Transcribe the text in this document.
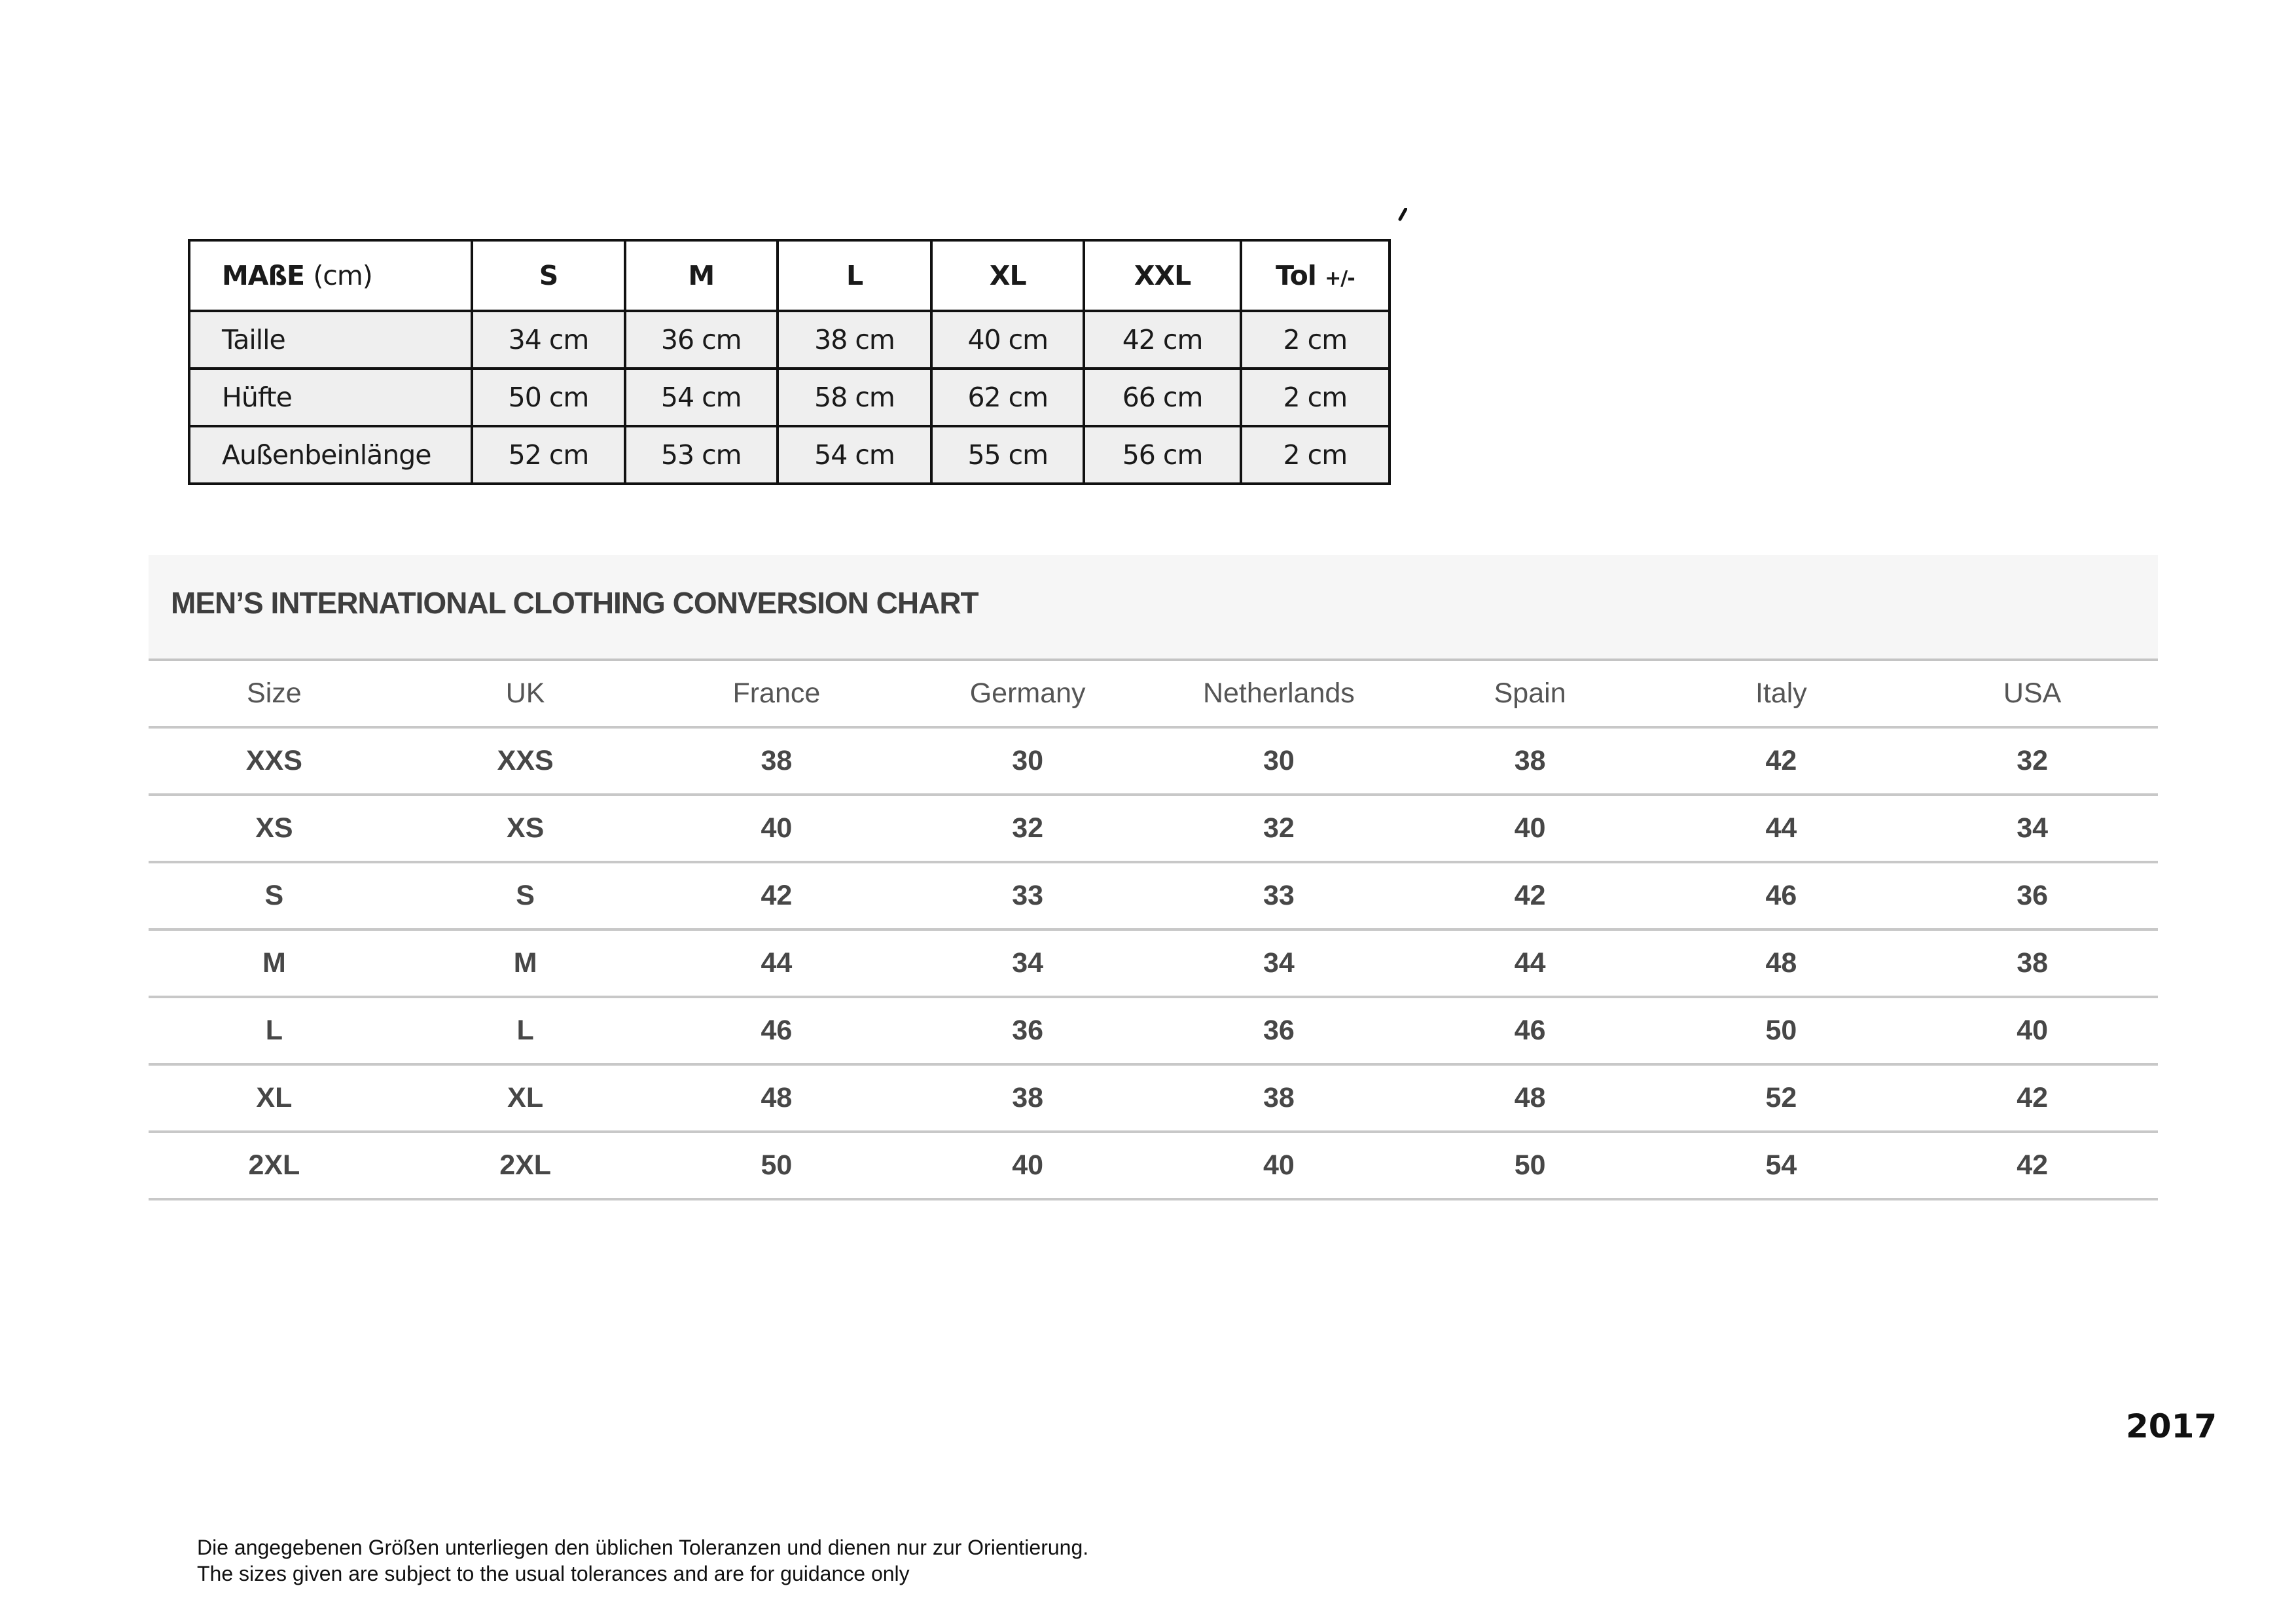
MAßE (cm)	S	M	L	XL	XXL	Tol +/-
Taille	34 cm	36 cm	38 cm	40 cm	42 cm	2 cm
Hüfte	50 cm	54 cm	58 cm	62 cm	66 cm	2 cm
Außenbeinlänge	52 cm	53 cm	54 cm	55 cm	56 cm	2 cm
MEN’S INTERNATIONAL CLOTHING CONVERSION CHART
Size	UK	France	Germany	Netherlands	Spain	Italy	USA
XXS	XXS	38	30	30	38	42	32
XS	XS	40	32	32	40	44	34
S	S	42	33	33	42	46	36
M	M	44	34	34	44	48	38
L	L	46	36	36	46	50	40
XL	XL	48	38	38	48	52	42
2XL	2XL	50	40	40	50	54	42

2017

Die angegebenen Größen unterliegen den üblichen Toleranzen und dienen nur zur Orientierung.

The sizes given are subject to the usual tolerances and are for guidance only
